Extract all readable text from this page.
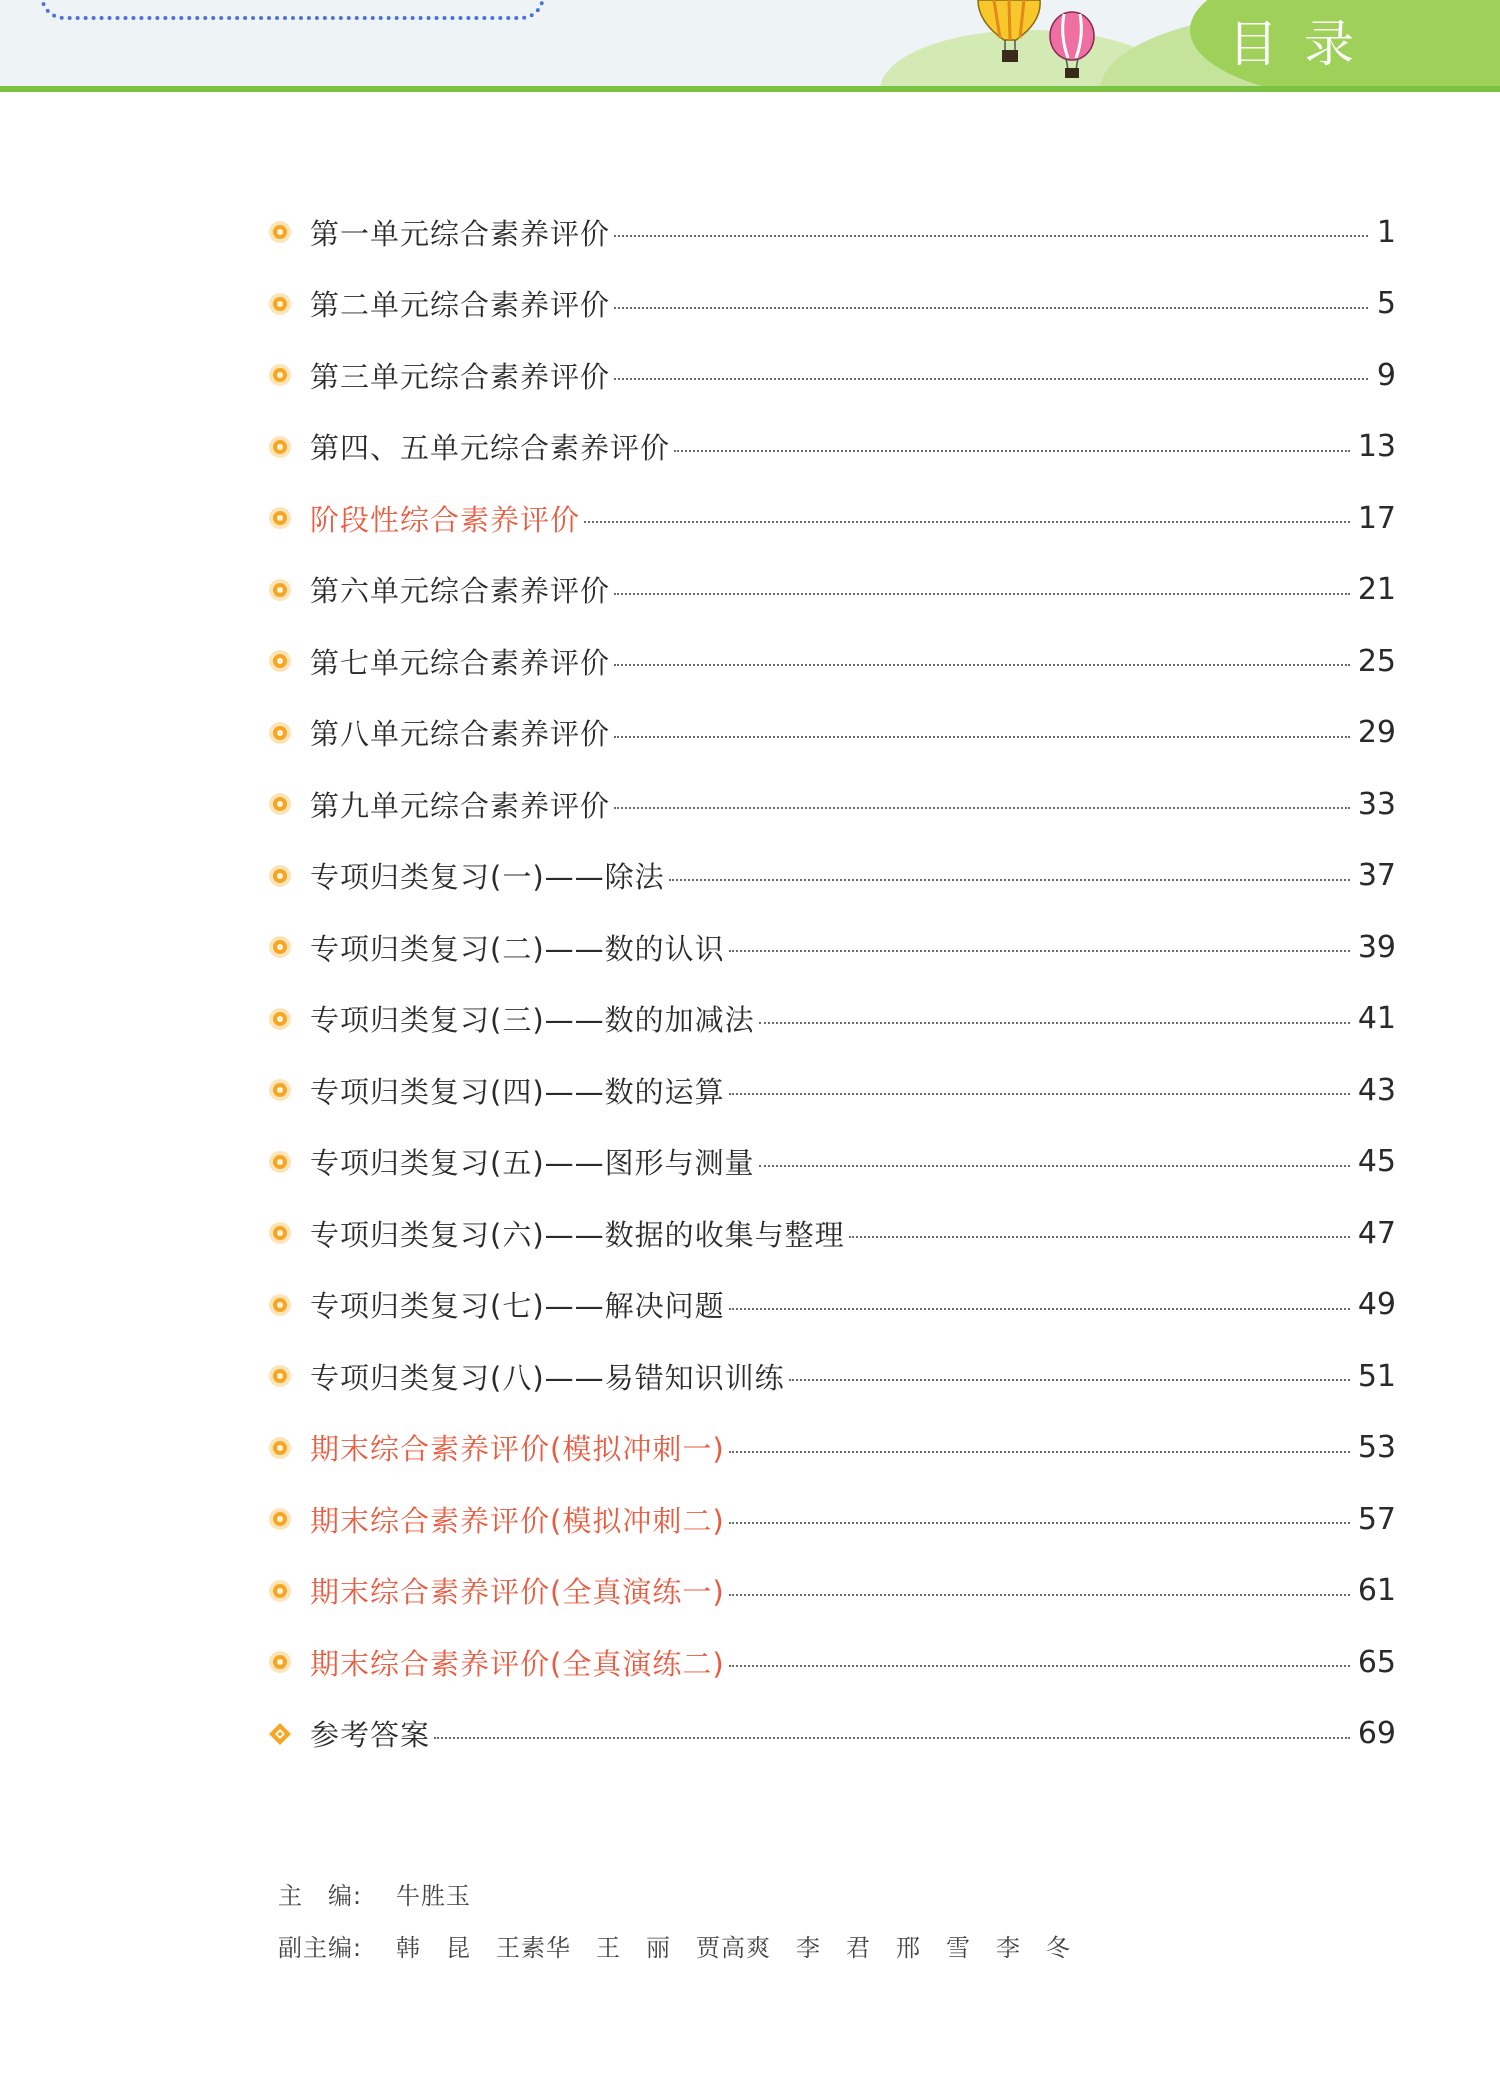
目录
第一单元综合素养评价	1
第二单元综合素养评价	5
第三单元综合素养评价	9
第四、五单元综合素养评价	13
阶段性综合素养评价	17
第六单元综合素养评价	21
第七单元综合素养评价	25
第八单元综合素养评价	29
第九单元综合素养评价	33
专项归类复习(一)——除法	37
专项归类复习(二)——数的认识	39
专项归类复习(三)——数的加减法	41
专项归类复习(四)——数的运算	43
专项归类复习(五)——图形与测量	45
专项归类复习(六)——数据的收集与整理	47
专项归类复习(七)——解决问题	49
专项归类复习(八)——易错知识训练	51
期末综合素养评价(模拟冲刺一)	53
期末综合素养评价(模拟冲刺二)	57
期末综合素养评价(全真演练一)	61
期末综合素养评价(全真演练二)	65
参考答案	69
主　编: 牛胜玉
副主编: 韩　昆　王素华　王　丽　贾高爽　李　君　邢　雪　李　冬
